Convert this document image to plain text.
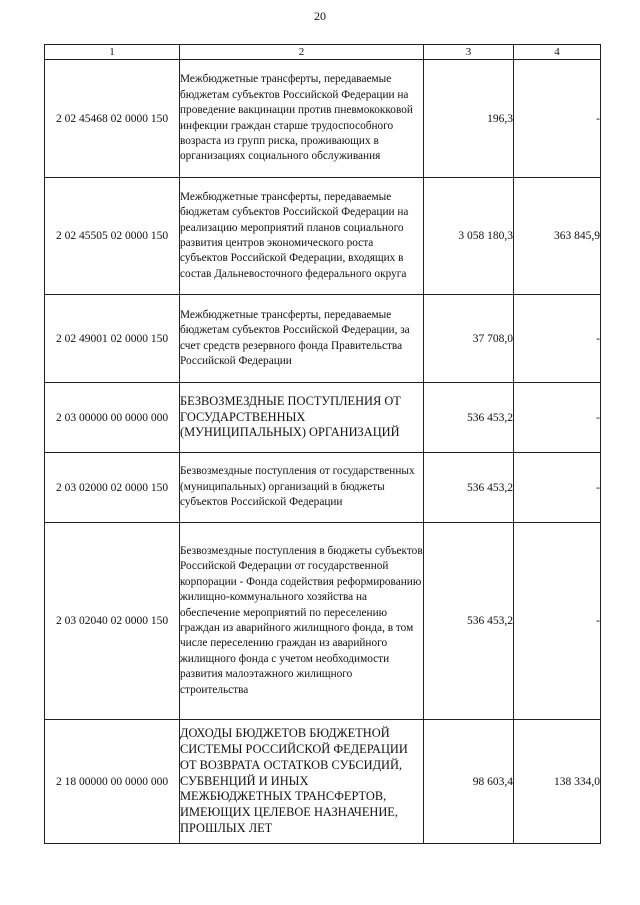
20
1	2	3	4
2 02 45468 02 0000 150	Межбюджетные трансферты, передаваемые бюджетам субъектов Российской Федерации на проведение вакцинации против пневмококковой инфекции граждан старше трудоспособного возраста из групп риска, проживающих в организациях социального обслуживания	196,3	-
2 02 45505 02 0000 150	Межбюджетные трансферты, передаваемые бюджетам субъектов Российской Федерации на реализацию мероприятий планов социального развития центров экономического роста субъектов Российской Федерации, входящих в состав Дальневосточного федерального округа	3 058 180,3	363 845,9
2 02 49001 02 0000 150	Межбюджетные трансферты, передаваемые бюджетам субъектов Российской Федерации, за счет средств резервного фонда Правительства Российской Федерации	37 708,0	-
2 03 00000 00 0000 000	БЕЗВОЗМЕЗДНЫЕ ПОСТУПЛЕНИЯ ОТ ГОСУДАРСТВЕННЫХ (МУНИЦИПАЛЬНЫХ) ОРГАНИЗАЦИЙ	536 453,2	-
2 03 02000 02 0000 150	Безвозмездные поступления от государственных (муниципальных) организаций в бюджеты субъектов Российской Федерации	536 453,2	-
2 03 02040 02 0000 150	Безвозмездные поступления в бюджеты субъектов Российской Федерации от государственной корпорации - Фонда содействия реформированию жилищно-коммунального хозяйства на обеспечение мероприятий по переселению граждан из аварийного жилищного фонда, в том числе переселению граждан из аварийного жилищного фонда с учетом необходимости развития малоэтажного жилищного строительства	536 453,2	-
2 18 00000 00 0000 000	ДОХОДЫ БЮДЖЕТОВ БЮДЖЕТНОЙ СИСТЕМЫ РОССИЙСКОЙ ФЕДЕРАЦИИ ОТ ВОЗВРАТА ОСТАТКОВ СУБСИДИЙ, СУБВЕНЦИЙ И ИНЫХ МЕЖБЮДЖЕТНЫХ ТРАНСФЕРТОВ, ИМЕЮЩИХ ЦЕЛЕВОЕ НАЗНАЧЕНИЕ, ПРОШЛЫХ ЛЕТ	98 603,4	138 334,0
